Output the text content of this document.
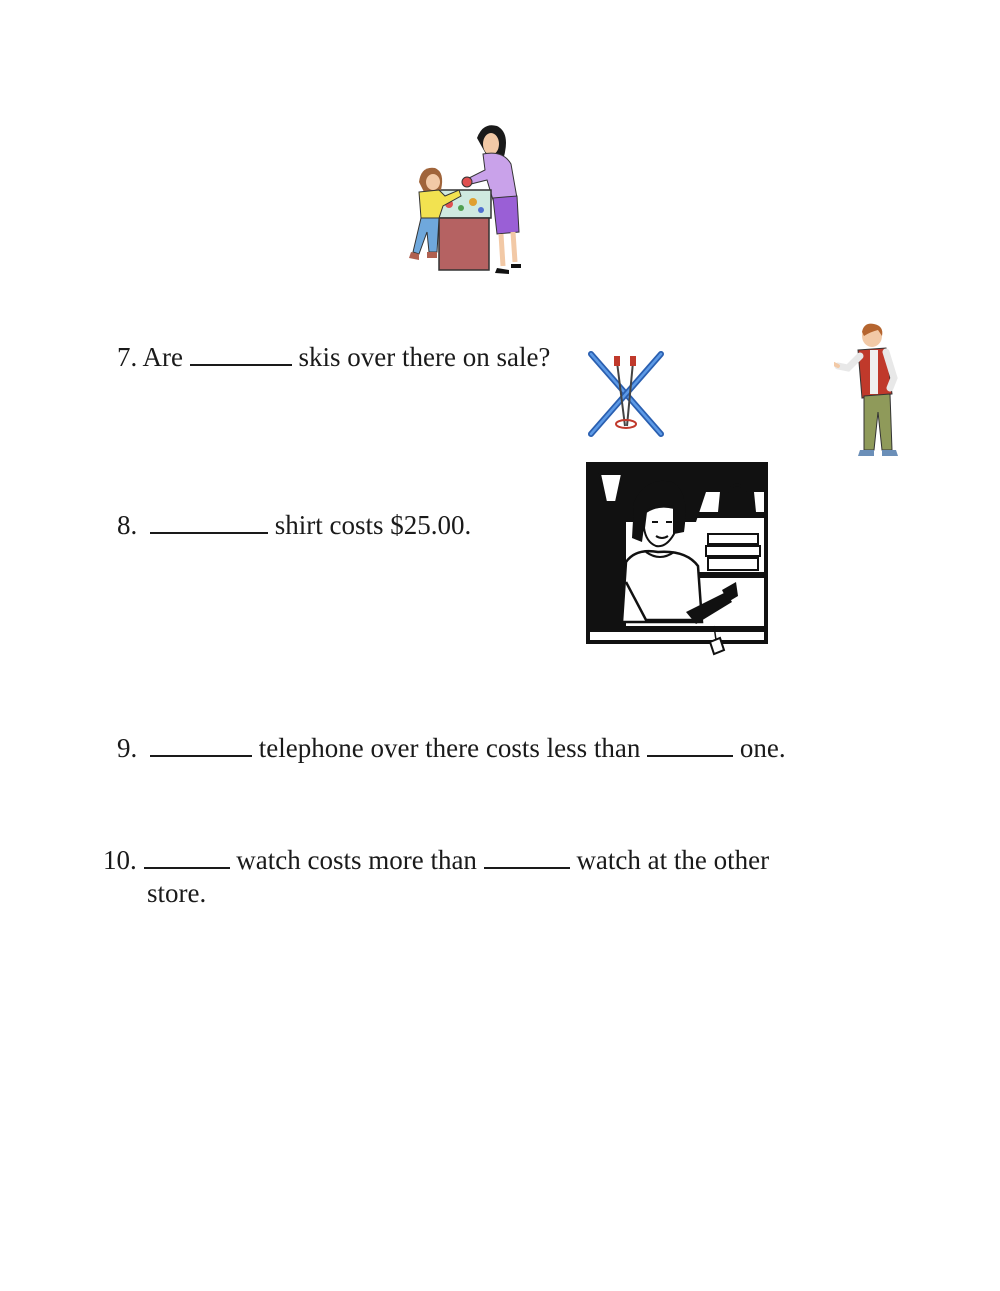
7. Are	skis over there on sale?
8.	shirt costs $25.00.
9.	telephone over there costs less than	one.
10.	watch costs more than	watch at the other
store.
